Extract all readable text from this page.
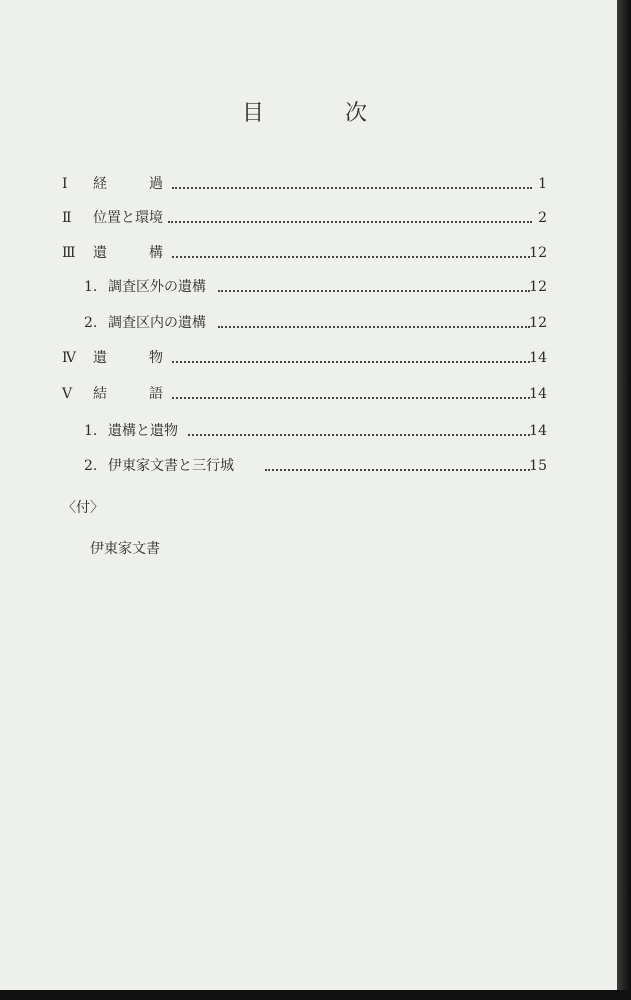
目	次
Ⅰ 経過	1
Ⅱ 位置と環境	2
Ⅲ 遺構	12
1. 調査区外の遺構	12
2. 調査区内の遺構	12
Ⅳ 遺物	14
Ⅴ 結語	14
1. 遺構と遺物	14
2. 伊東家文書と三行城	15
〈付〉
伊東家文書
